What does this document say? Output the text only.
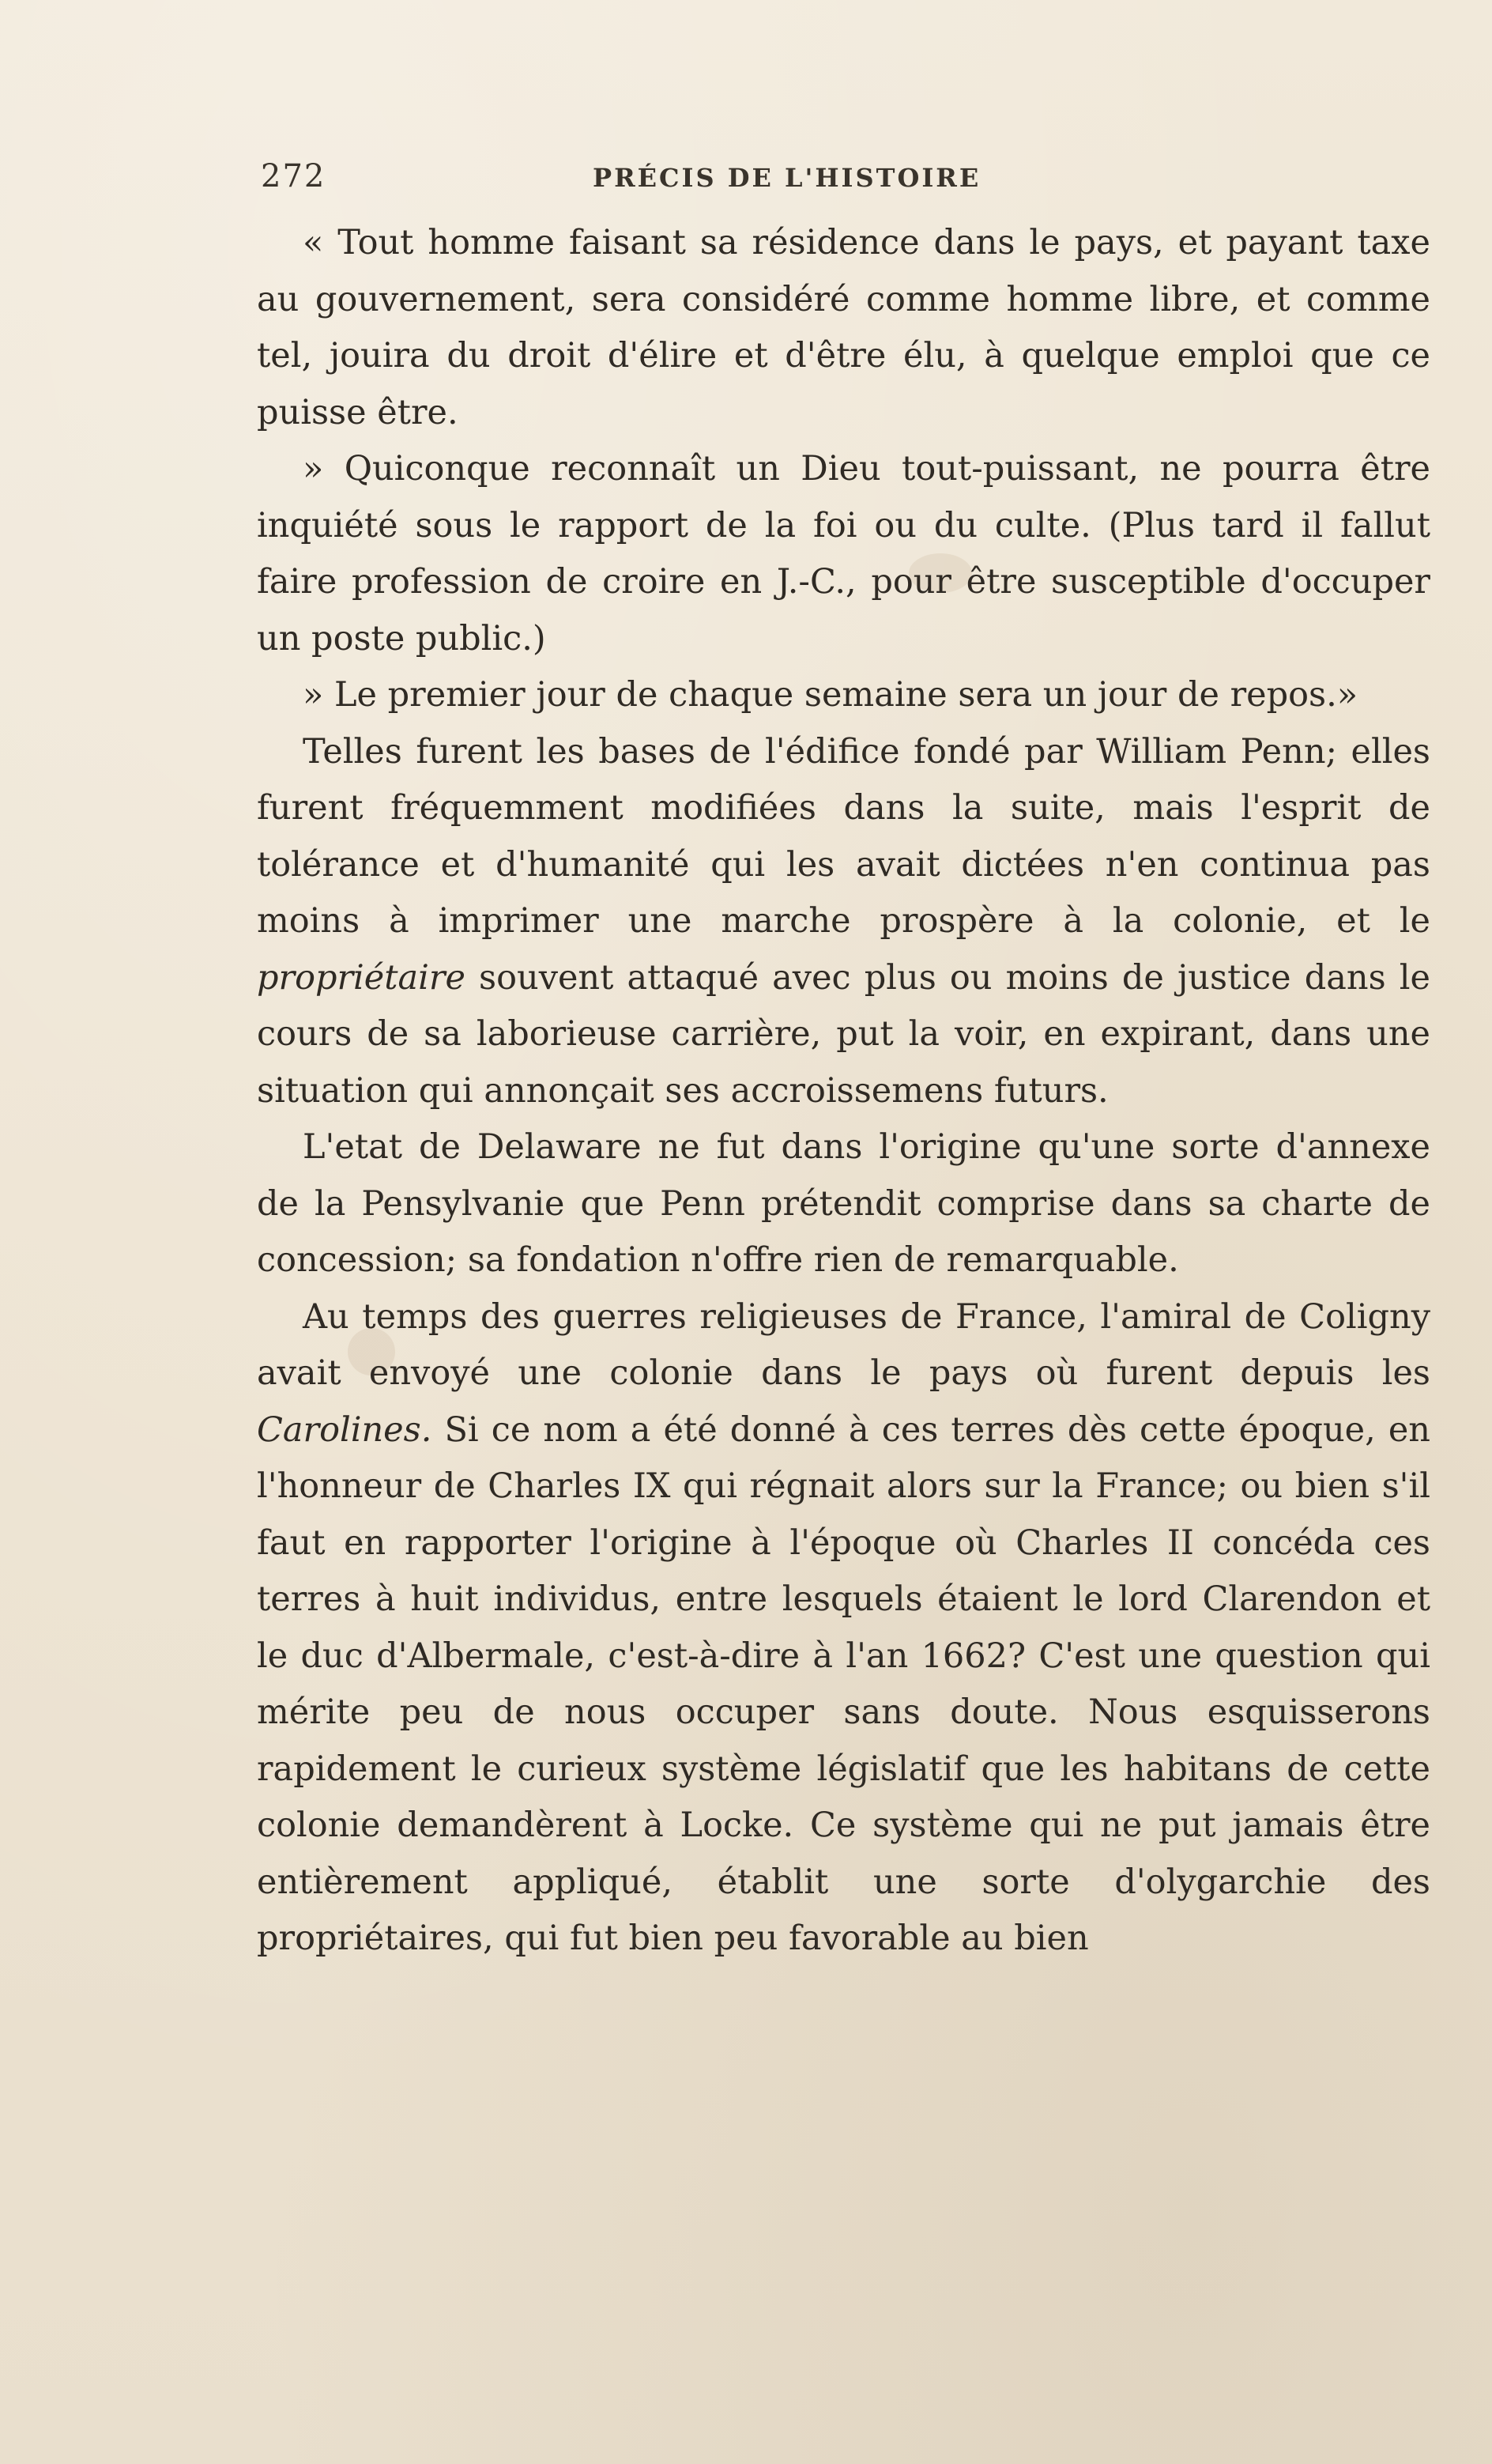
272	PRÉCIS DE L'HISTOIRE

« Tout homme faisant sa résidence dans le pays, et payant taxe au gouvernement, sera considéré comme homme libre, et comme tel, jouira du droit d'élire et d'être élu, à quelque emploi que ce puisse être.

» Quiconque reconnaît un Dieu tout-puissant, ne pourra être inquiété sous le rapport de la foi ou du culte. (Plus tard il fallut faire profession de croire en J.-C., pour être susceptible d'occuper un poste public.)

» Le premier jour de chaque semaine sera un jour de repos.»

Telles furent les bases de l'édifice fondé par William Penn; elles furent fréquemment modifiées dans la suite, mais l'esprit de tolérance et d'humanité qui les avait dictées n'en continua pas moins à imprimer une marche prospère à la colonie, et le propriétaire souvent attaqué avec plus ou moins de justice dans le cours de sa laborieuse carrière, put la voir, en expirant, dans une situation qui annonçait ses accroissemens futurs.

L'etat de Delaware ne fut dans l'origine qu'une sorte d'annexe de la Pensylvanie que Penn prétendit comprise dans sa charte de concession; sa fondation n'offre rien de remarquable.

Au temps des guerres religieuses de France, l'amiral de Coligny avait envoyé une colonie dans le pays où furent depuis les Carolines. Si ce nom a été donné à ces terres dès cette époque, en l'honneur de Charles IX qui régnait alors sur la France; ou bien s'il faut en rapporter l'origine à l'époque où Charles II concéda ces terres à huit individus, entre lesquels étaient le lord Clarendon et le duc d'Albermale, c'est-à-dire à l'an 1662? C'est une question qui mérite peu de nous occuper sans doute. Nous esquisserons rapidement le curieux système législatif que les habitans de cette colonie demandèrent à Locke. Ce système qui ne put jamais être entièrement appliqué, établit une sorte d'olygarchie des propriétaires, qui fut bien peu favorable au bien
